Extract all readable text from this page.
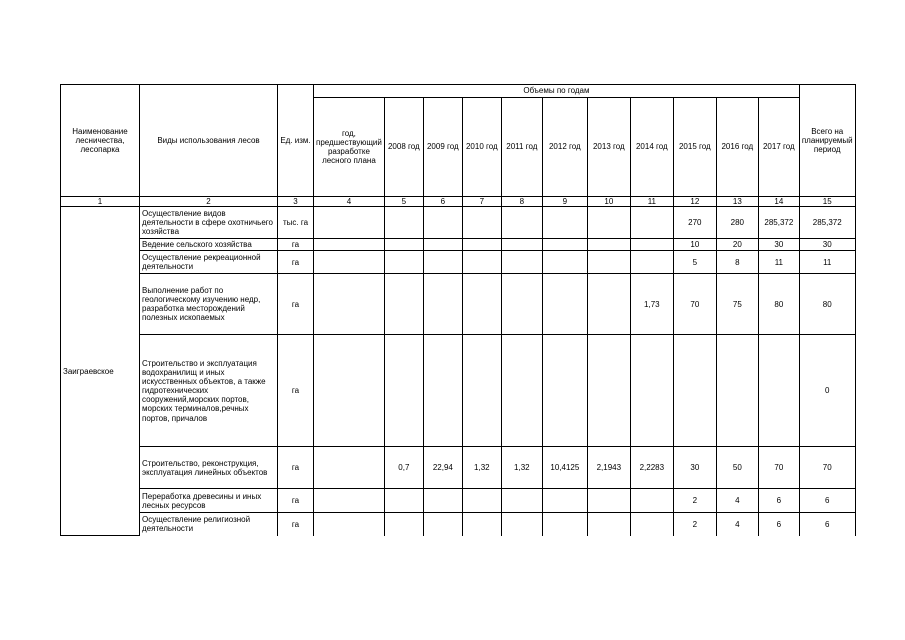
Наименование лесничества, лесопарка	Виды использования лесов	Ед. изм.	Объемы по годам											Всего на планируемый период
			год, предшествующий разработке лесного плана	2008 год	2009 год	2010 год	2011 год	2012 год	2013 год	2014 год	2015 год	2016 год	2017 год	
1	2	3	4	5	6	7	8	9	10	11	12	13	14	15
Заиграевское	Осуществление видов деятельности в сфере охотничьего хозяйства	тыс. га									270	280	285,372	285,372
	Ведение сельского хозяйства	га									10	20	30	30
	Осуществление рекреационной деятельности	га									5	8	11	11
	Выполнение работ по геологическому изучению недр, разработка месторождений полезных ископаемых	га								1,73	70	75	80	80
	Строительство и эксплуатация водохранилищ и иных искусственных объектов, а также гидротехнических сооружений,морских портов, морских терминалов,речных портов, причалов	га												0
	Строительство, реконструкция, эксплуатация линейных объектов	га		0,7	22,94	1,32	1,32	10,4125	2,1943	2,2283	30	50	70	70
	Переработка древесины и иных лесных ресурсов	га									2	4	6	6
	Осуществление религиозной деятельности	га									2	4	6	6
